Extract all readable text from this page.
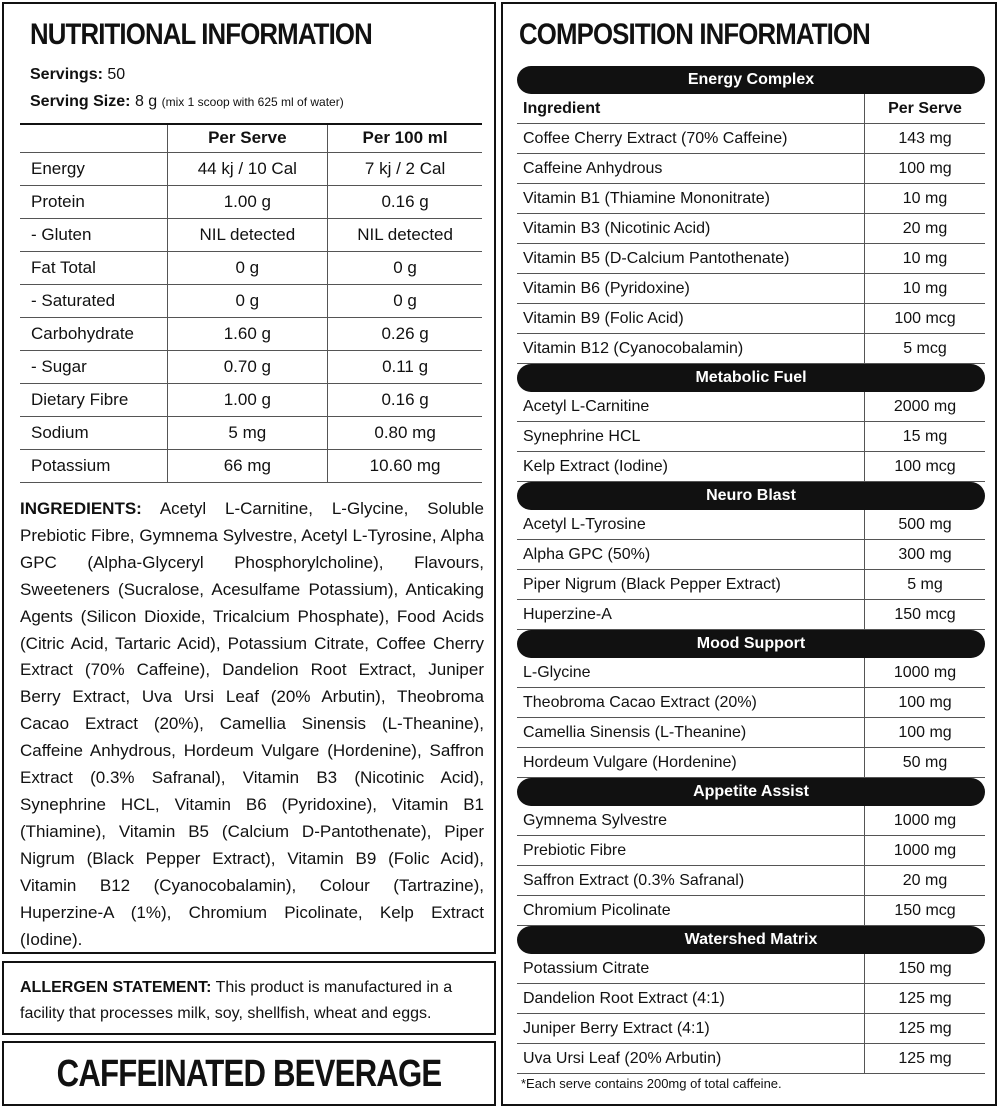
NUTRITIONAL INFORMATION
Servings: 50
Serving Size: 8 g (mix 1 scoop with 625 ml of water)
	Per Serve	Per 100 ml
Energy	44 kj / 10 Cal	7 kj / 2 Cal
Protein	1.00 g	0.16 g
- Gluten	NIL detected	NIL detected
Fat Total	0 g	0 g
- Saturated	0 g	0 g
Carbohydrate	1.60 g	0.26 g
- Sugar	0.70 g	0.11 g
Dietary Fibre	1.00 g	0.16 g
Sodium	5 mg	0.80 mg
Potassium	66 mg	10.60 mg
INGREDIENTS: Acetyl L-Carnitine, L-Glycine, Soluble Prebiotic Fibre, Gymnema Sylvestre, Acetyl L-Tyrosine, Alpha GPC (Alpha-Glyceryl Phosphorylcholine), Flavours, Sweeteners (Sucralose, Acesulfame Potassium), Anticaking Agents (Silicon Dioxide, Tricalcium Phosphate), Food Acids (Citric Acid, Tartaric Acid), Potassium Citrate, Coffee Cherry Extract (70% Caffeine), Dandelion Root Extract, Juniper Berry Extract, Uva Ursi Leaf (20% Arbutin), Theobroma Cacao Extract (20%), Camellia Sinensis (L-Theanine), Caffeine Anhydrous, Hordeum Vulgare (Hordenine), Saffron Extract (0.3% Safranal), Vitamin B3 (Nicotinic Acid), Synephrine HCL, Vitamin B6 (Pyridoxine), Vitamin B1 (Thiamine), Vitamin B5 (Calcium D-Pantothenate), Piper Nigrum (Black Pepper Extract), Vitamin B9 (Folic Acid), Vitamin B12 (Cyanocobalamin), Colour (Tartrazine), Huperzine-A (1%), Chromium Picolinate, Kelp Extract (Iodine).
ALLERGEN STATEMENT: This product is manufactured in a facility that processes milk, soy, shellfish, wheat and eggs.
CAFFEINATED BEVERAGE
COMPOSITION INFORMATION
Energy Complex
Ingredient	Per Serve
Coffee Cherry Extract (70% Caffeine)	143 mg
Caffeine Anhydrous	100 mg
Vitamin B1 (Thiamine Mononitrate)	10 mg
Vitamin B3 (Nicotinic Acid)	20 mg
Vitamin B5 (D-Calcium Pantothenate)	10 mg
Vitamin B6 (Pyridoxine)	10 mg
Vitamin B9 (Folic Acid)	100 mcg
Vitamin B12 (Cyanocobalamin)	5 mcg
Metabolic Fuel
Acetyl L-Carnitine	2000 mg
Synephrine HCL	15 mg
Kelp Extract (Iodine)	100 mcg
Neuro Blast
Acetyl L-Tyrosine	500 mg
Alpha GPC (50%)	300 mg
Piper Nigrum (Black Pepper Extract)	5 mg
Huperzine-A	150 mcg
Mood Support
L-Glycine	1000 mg
Theobroma Cacao Extract (20%)	100 mg
Camellia Sinensis (L-Theanine)	100 mg
Hordeum Vulgare (Hordenine)	50 mg
Appetite Assist
Gymnema Sylvestre	1000 mg
Prebiotic Fibre	1000 mg
Saffron Extract (0.3% Safranal)	20 mg
Chromium Picolinate	150 mcg
Watershed Matrix
Potassium Citrate	150 mg
Dandelion Root Extract (4:1)	125 mg
Juniper Berry Extract (4:1)	125 mg
Uva Ursi Leaf (20% Arbutin)	125 mg
*Each serve contains 200mg of total caffeine.
